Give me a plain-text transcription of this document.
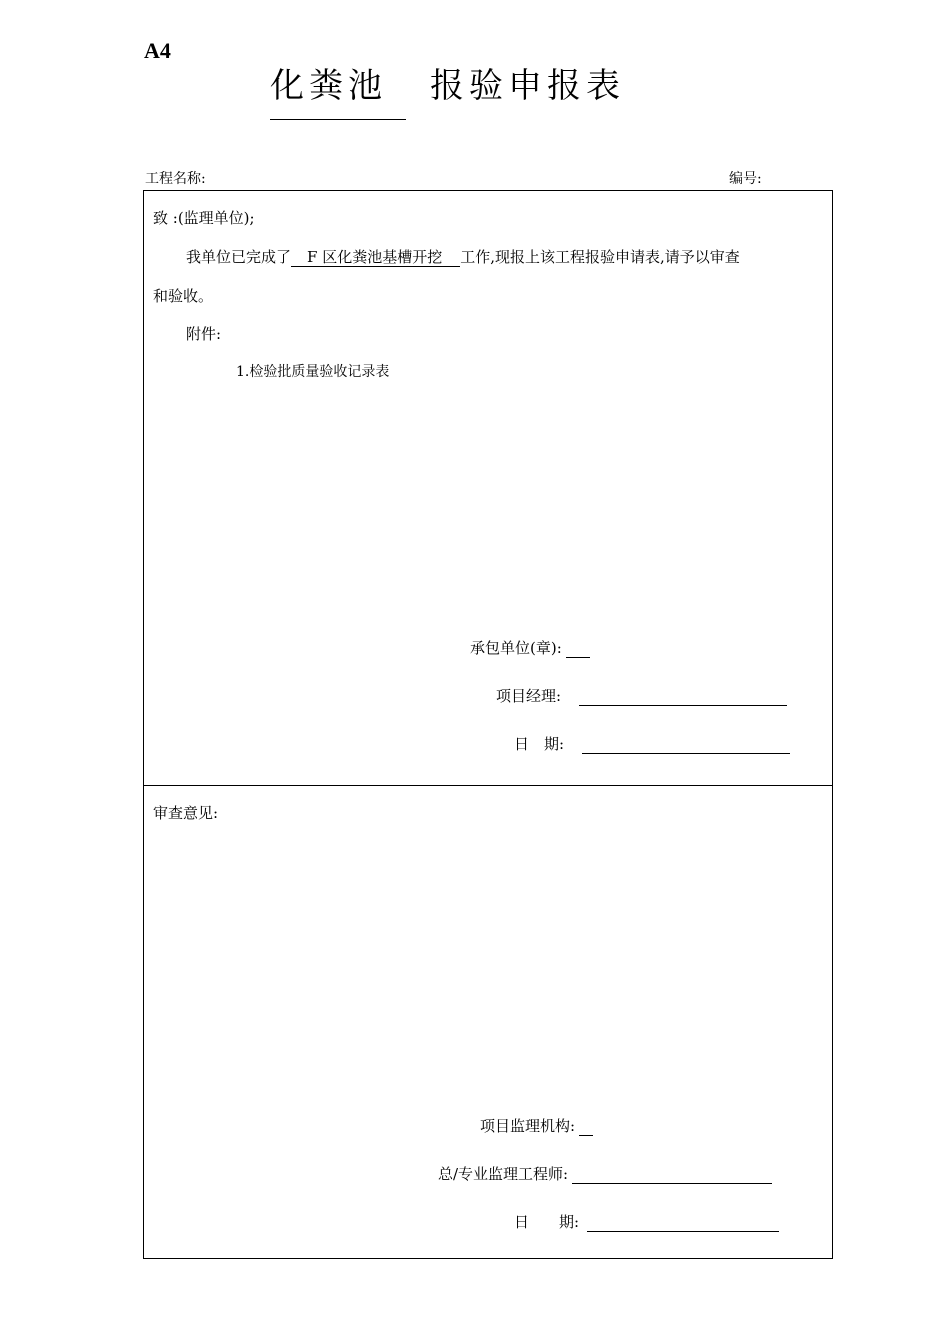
A4
化粪池 报验申报表
工程名称:	编号:
致 :(监理单位);
我单位已完成了 F 区化粪池基槽开挖 工作,现报上该工程报验申请表,请予以审查
和验收。
附件:
1.检验批质量验收记录表
承包单位(章):
项目经理:
日　期:
审查意见:
项目监理机构:
总/专业监理工程师:
日　　期:
